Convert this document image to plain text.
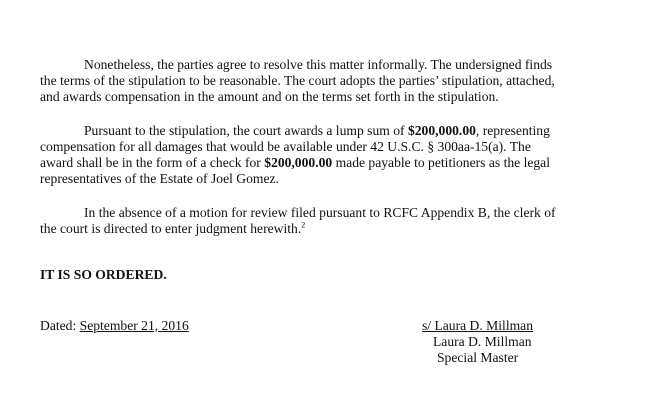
Nonetheless, the parties agree to resolve this matter informally. The undersigned finds
the terms of the stipulation to be reasonable. The court adopts the parties’ stipulation, attached,
and awards compensation in the amount and on the terms set forth in the stipulation.

Pursuant to the stipulation, the court awards a lump sum of $200,000.00, representing
compensation for all damages that would be available under 42 U.S.C. § 300aa-15(a). The
award shall be in the form of a check for $200,000.00 made payable to petitioners as the legal
representatives of the Estate of Joel Gomez.

In the absence of a motion for review filed pursuant to RCFC Appendix B, the clerk of
the court is directed to enter judgment herewith.$^2$

IT IS SO ORDERED.

Dated: September 21, 2016	s/ Laura D. Millman
Laura D. Millman
Special Master
